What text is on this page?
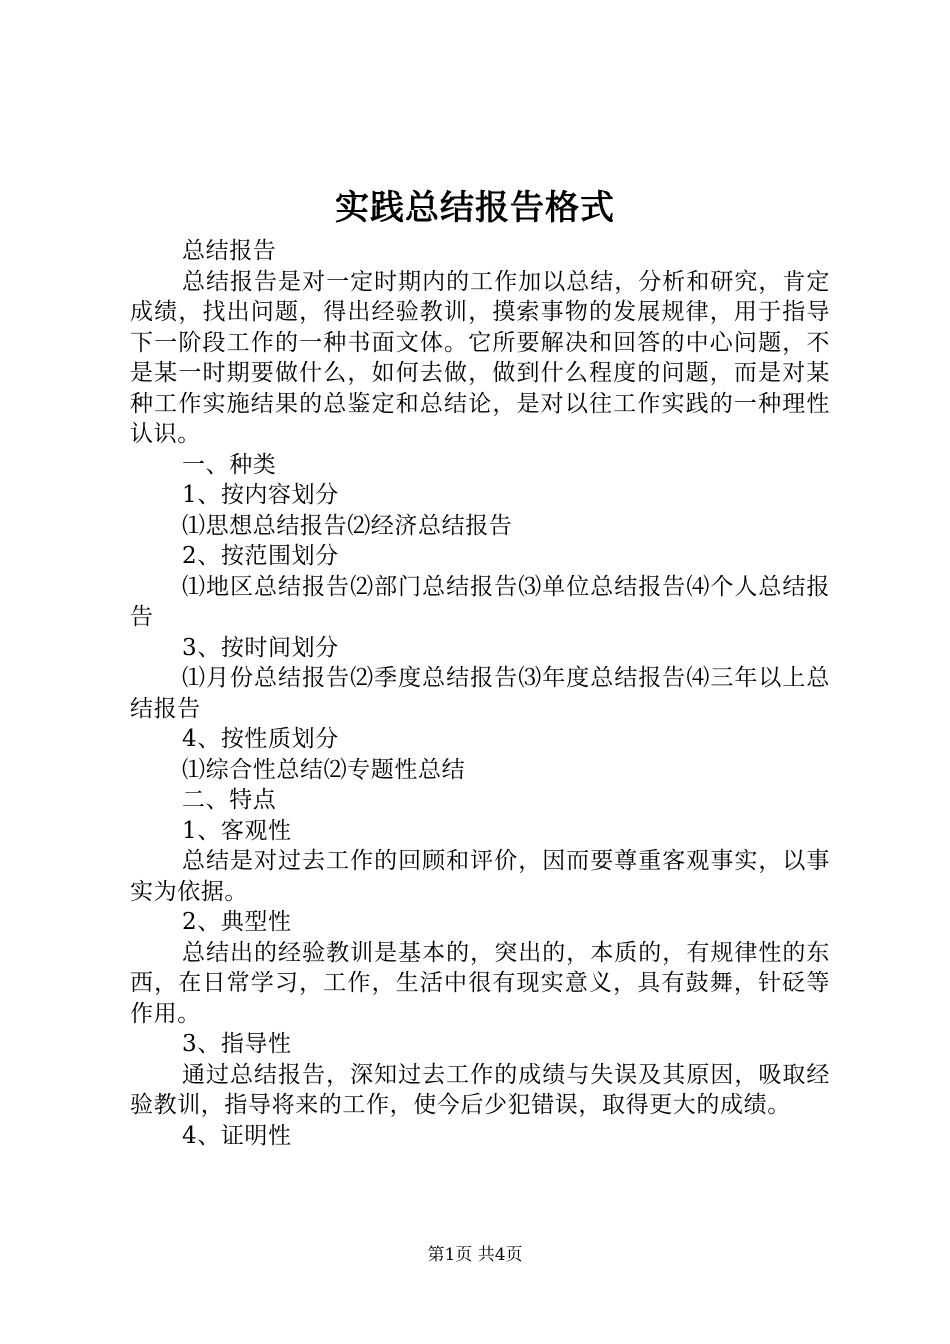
实践总结报告格式

总结报告

总结报告是对一定时期内的工作加以总结，分析和研究，肯定成绩，找出问题，得出经验教训，摸索事物的发展规律，用于指导下一阶段工作的一种书面文体。它所要解决和回答的中心问题，不是某一时期要做什么，如何去做，做到什么程度的问题，而是对某种工作实施结果的总鉴定和总结论，是对以往工作实践的一种理性认识。

一、种类

1、按内容划分

⑴思想总结报告⑵经济总结报告

2、按范围划分

⑴地区总结报告⑵部门总结报告⑶单位总结报告⑷个人总结报告

3、按时间划分

⑴月份总结报告⑵季度总结报告⑶年度总结报告⑷三年以上总结报告

4、按性质划分

⑴综合性总结⑵专题性总结

二、特点

1、客观性

总结是对过去工作的回顾和评价，因而要尊重客观事实，以事实为依据。

2、典型性

总结出的经验教训是基本的，突出的，本质的，有规律性的东西，在日常学习，工作，生活中很有现实意义，具有鼓舞，针砭等作用。

3、指导性

通过总结报告，深知过去工作的成绩与失误及其原因，吸取经验教训，指导将来的工作，使今后少犯错误，取得更大的成绩。

4、证明性

第1页 共4页
